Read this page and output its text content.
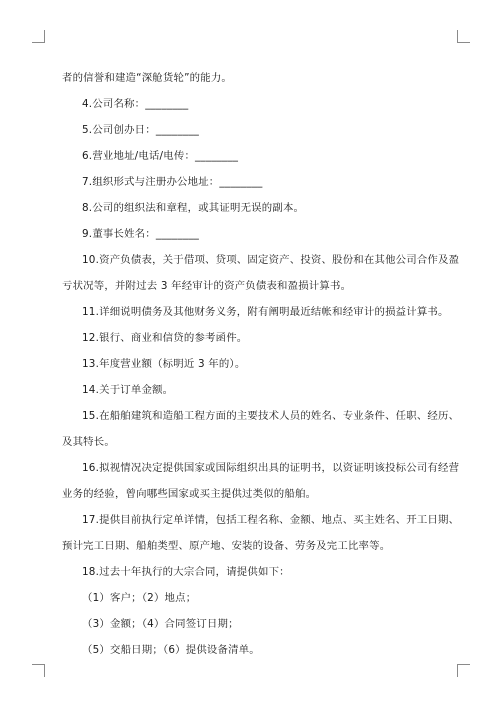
者的信誉和建造“深舱货轮”的能力。
4.公司名称：________
5.公司创办日：________
6.营业地址/电话/电传：________
7.组织形式与注册办公地址：________
8.公司的组织法和章程，或其证明无误的副本。
9.董事长姓名：________
10.资产负债表，关于借项、贷项、固定资产、投资、股份和在其他公司合作及盈
亏状况等，并附过去 3 年经审计的资产负债表和盈损计算书。
11.详细说明债务及其他财务义务，附有阐明最近结帐和经审计的损益计算书。
12.银行、商业和信贷的参考函件。
13.年度营业额（标明近 3 年的）。
14.关于订单金额。
15.在船舶建筑和造船工程方面的主要技术人员的姓名、专业条件、任职、经历、
及其特长。
16.拟视情况决定提供国家或国际组织出具的证明书，以资证明该投标公司有经营
业务的经验，曾向哪些国家或买主提供过类似的船舶。
17.提供目前执行定单详情，包括工程名称、金额、地点、买主姓名、开工日期、
预计完工日期、船舶类型、原产地、安装的设备、劳务及完工比率等。
18.过去十年执行的大宗合同，请提供如下：
（1）客户；（2）地点；
（3）金额；（4）合同签订日期；
（5）交船日期；（6）提供设备清单。
